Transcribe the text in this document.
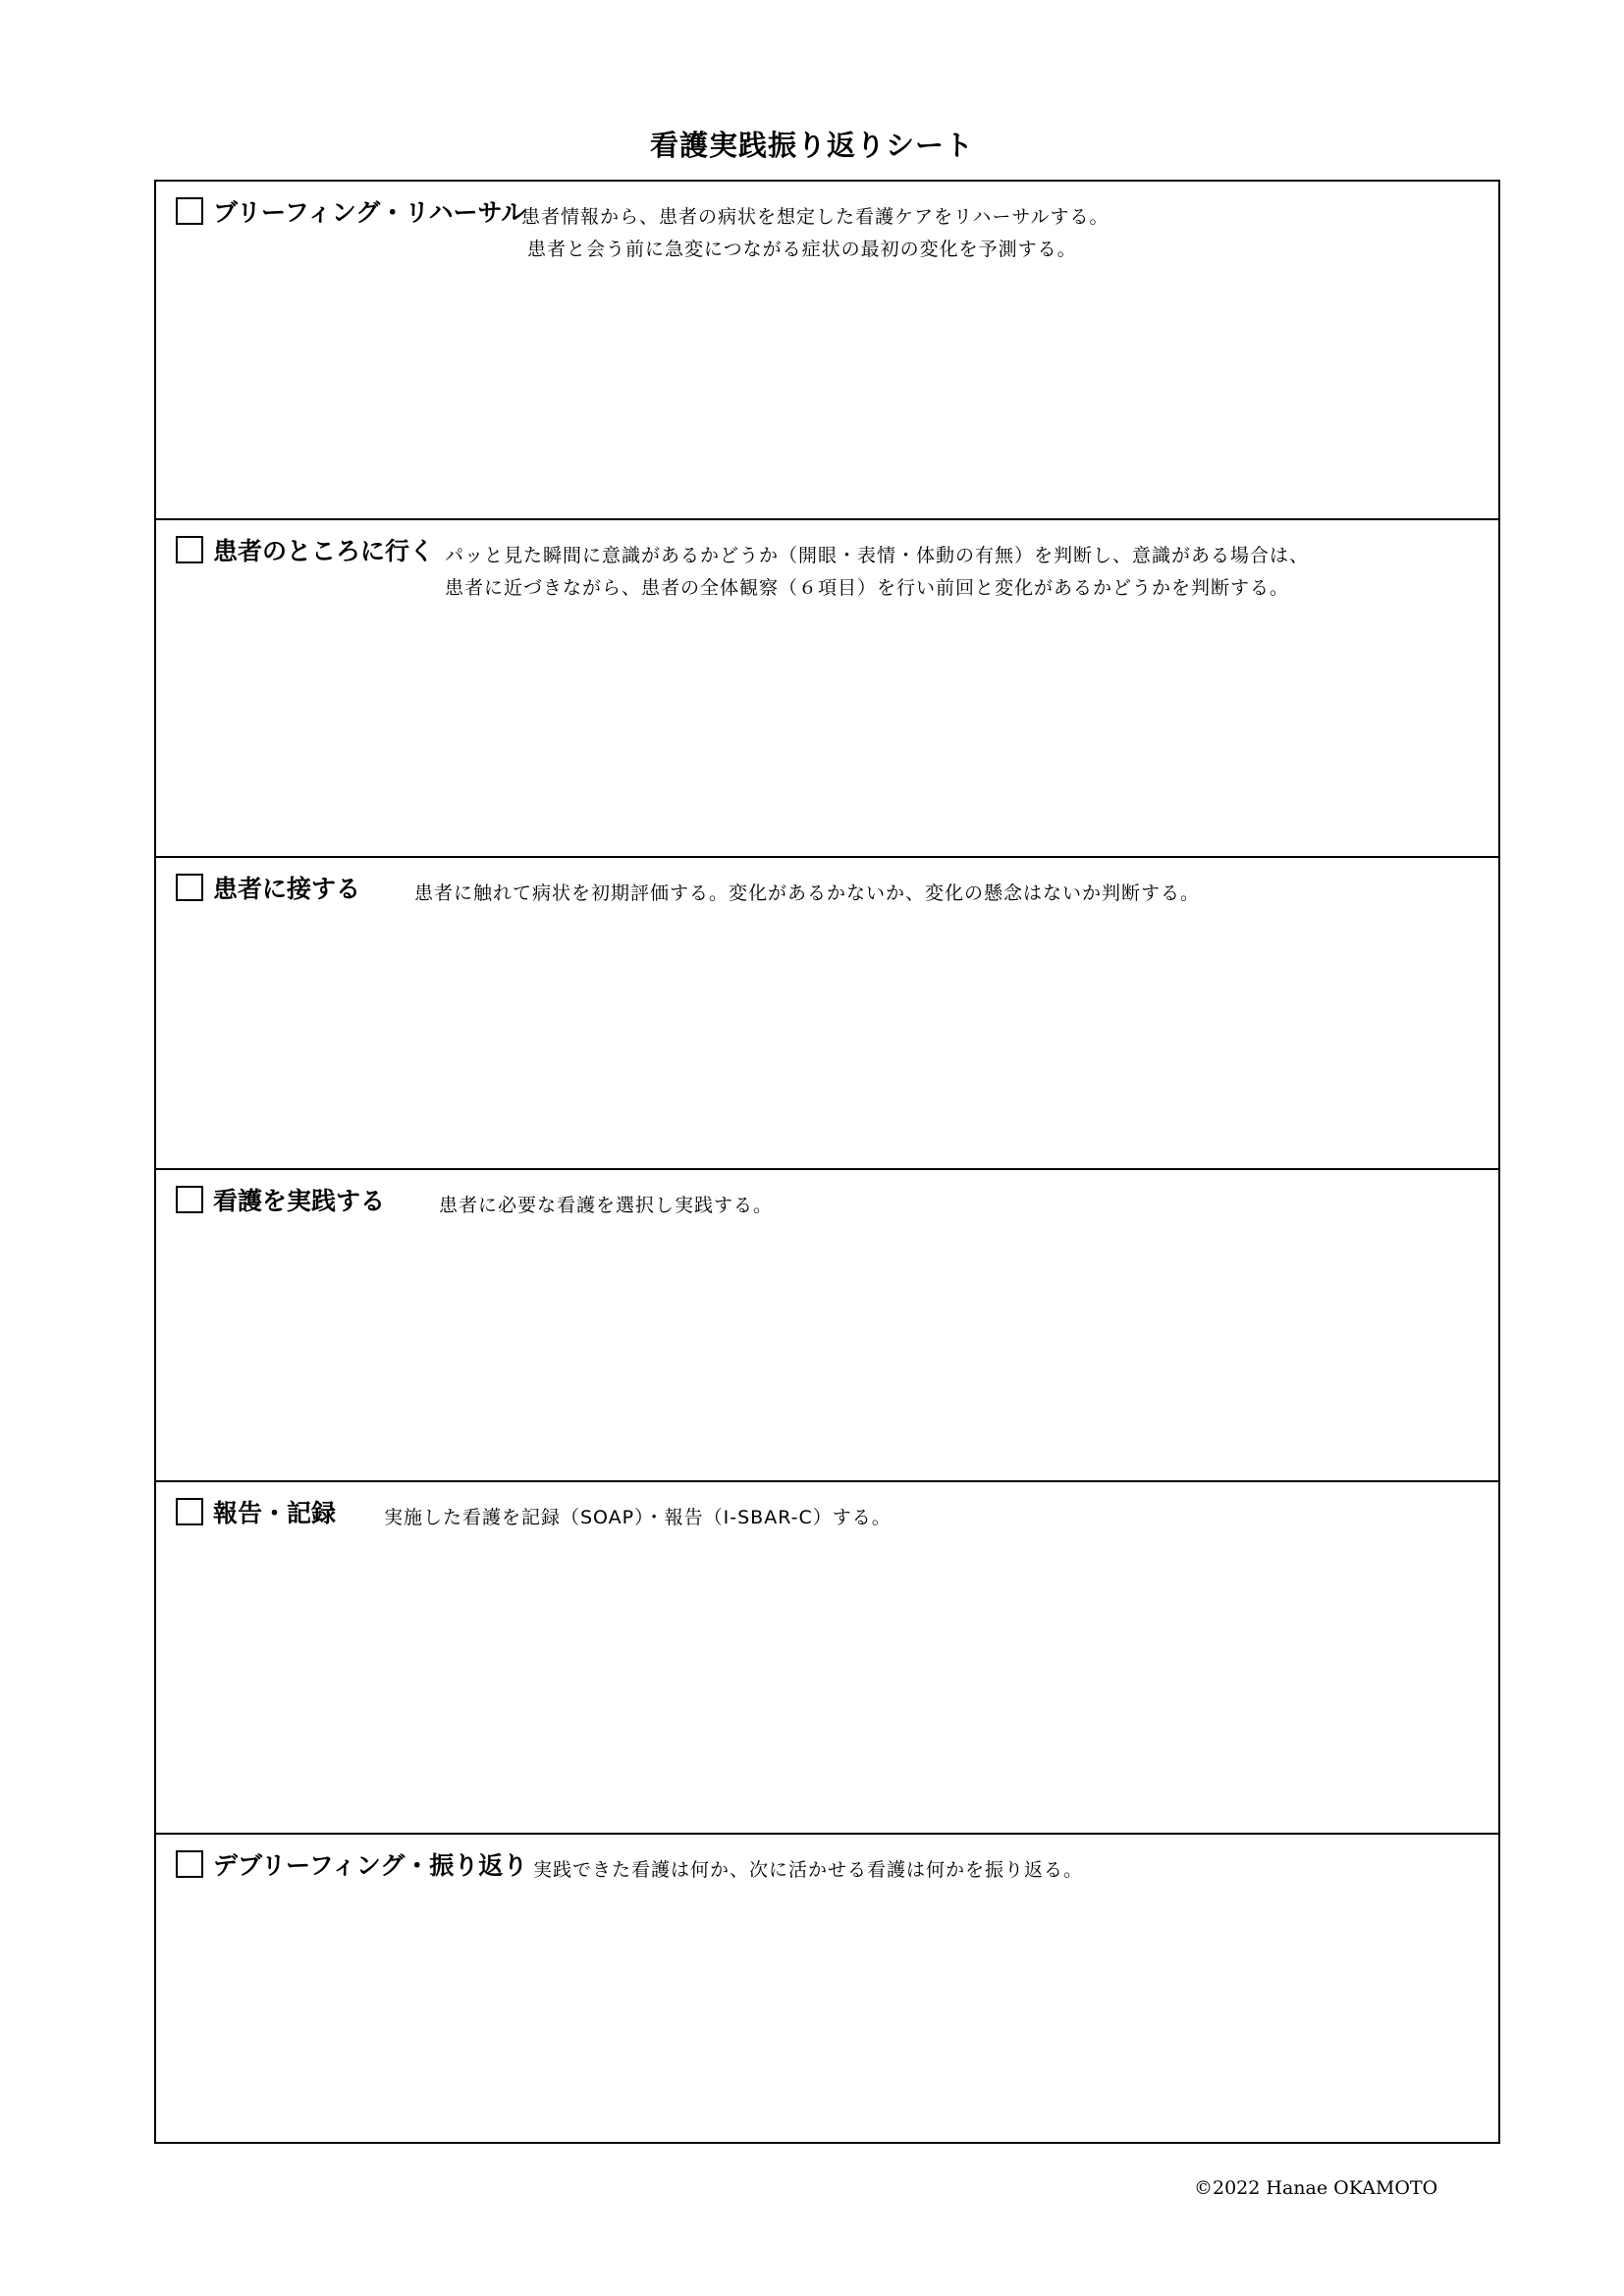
看護実践振り返りシート
ブリーフィング・リハーサル
患者情報から、患者の病状を想定した看護ケアをリハーサルする。
患者と会う前に急変につながる症状の最初の変化を予測する。
患者のところに行く パッと見た瞬間に意識があるかどうか（開眼・表情・体動の有無）を判断し、意識がある場合は、
患者に近づきながら、患者の全体観察（６項目）を行い前回と変化があるかどうかを判断する。
患者に接する	患者に触れて病状を初期評価する。変化があるかないか、変化の懸念はないか判断する。
看護を実践する	患者に必要な看護を選択し実践する。
報告・記録	実施した看護を記録（SOAP）・報告（I-SBAR-C）する。
デブリーフィング・振り返り 実践できた看護は何か、次に活かせる看護は何かを振り返る。
©2022 Hanae OKAMOTO
